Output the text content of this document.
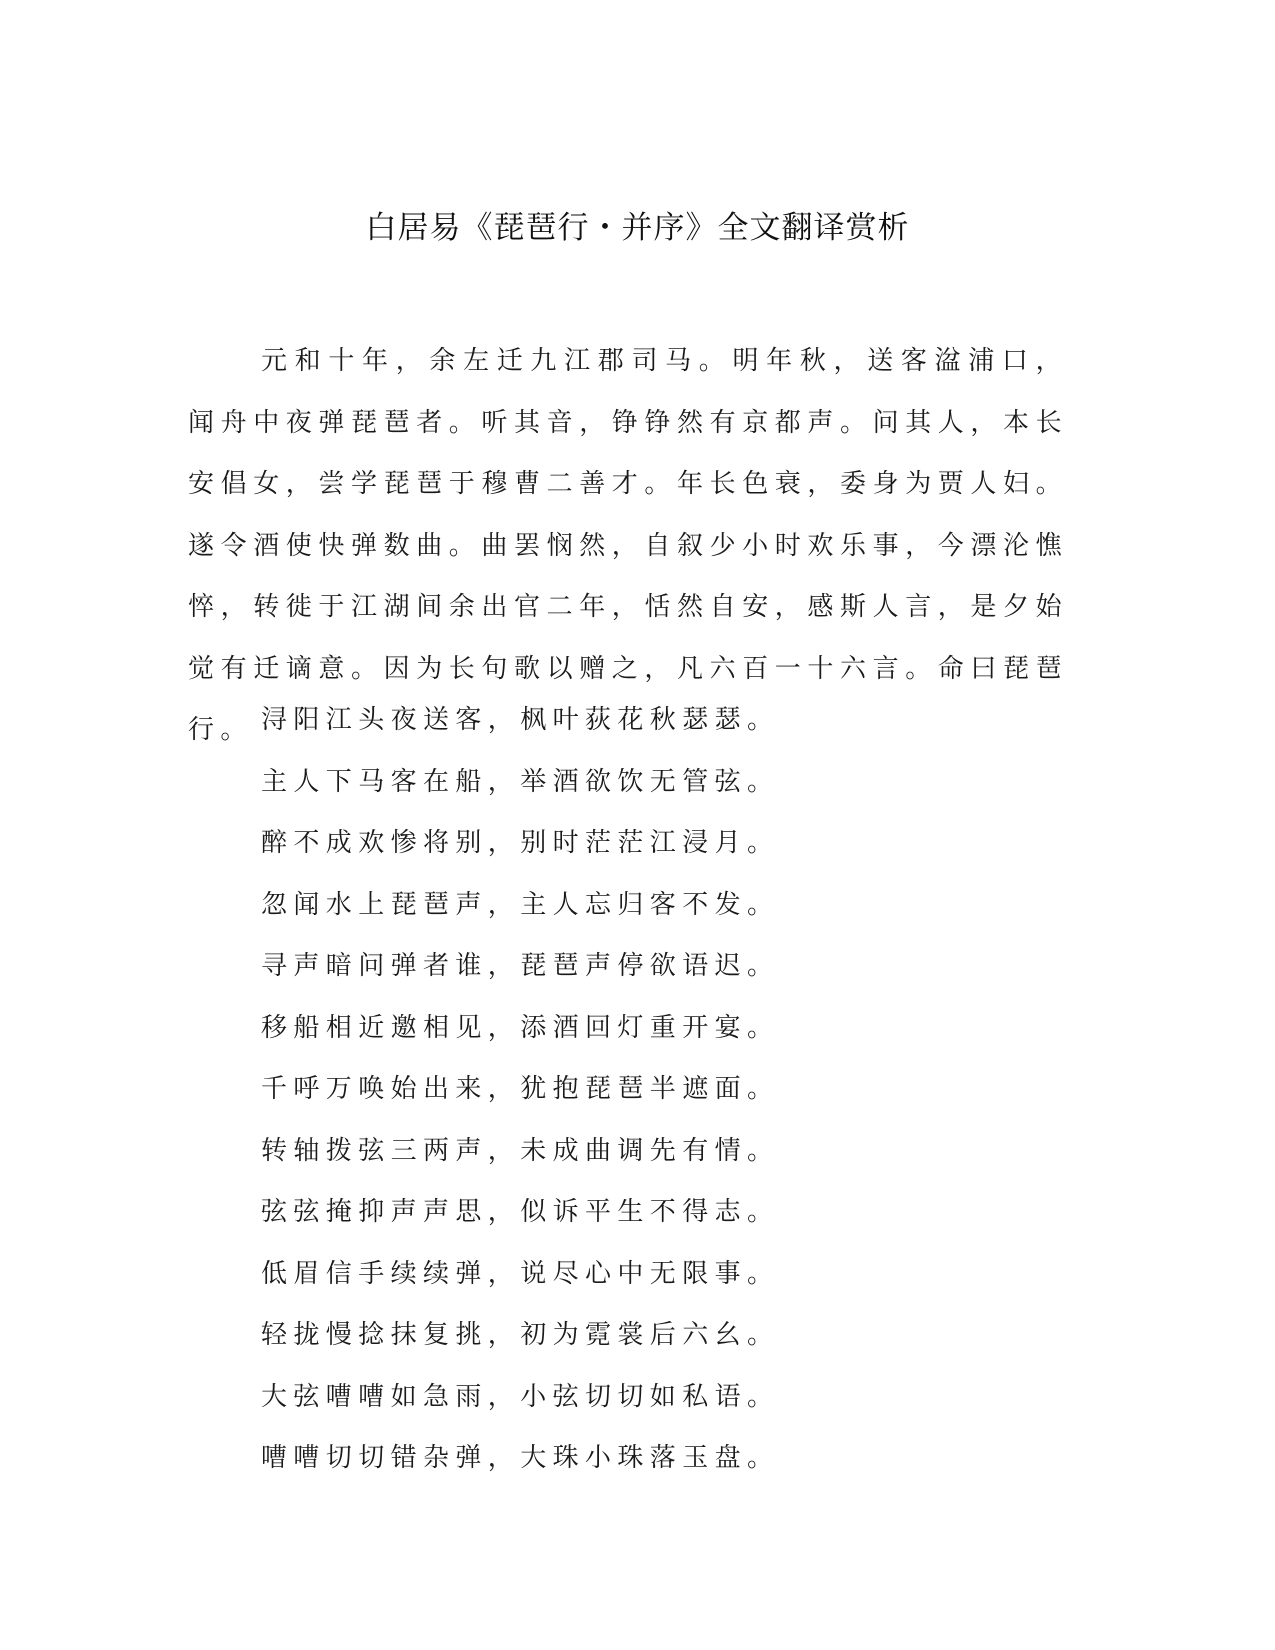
白居易《琵琶行・并序》全文翻译赏析

元和十年，余左迁九江郡司马。明年秋，送客湓浦口，闻舟中夜弹琵琶者。听其音，铮铮然有京都声。问其人，本长安倡女，尝学琵琶于穆曹二善才。年长色衰，委身为贾人妇。遂令酒使快弹数曲。曲罢悯然，自叙少小时欢乐事，今漂沦憔悴，转徙于江湖间余出官二年，恬然自安，感斯人言，是夕始觉有迁谪意。因为长句歌以赠之，凡六百一十六言。命曰琵琶行。 浔阳江头夜送客，枫叶荻花秋瑟瑟。
主人下马客在船，举酒欲饮无管弦。
醉不成欢惨将别，别时茫茫江浸月。
忽闻水上琵琶声，主人忘归客不发。
寻声暗问弹者谁，琵琶声停欲语迟。
移船相近邀相见，添酒回灯重开宴。
千呼万唤始出来，犹抱琵琶半遮面。
转轴拨弦三两声，未成曲调先有情。
弦弦掩抑声声思，似诉平生不得志。
低眉信手续续弹，说尽心中无限事。
轻拢慢捻抹复挑，初为霓裳后六幺。
大弦嘈嘈如急雨，小弦切切如私语。
嘈嘈切切错杂弹，大珠小珠落玉盘。
